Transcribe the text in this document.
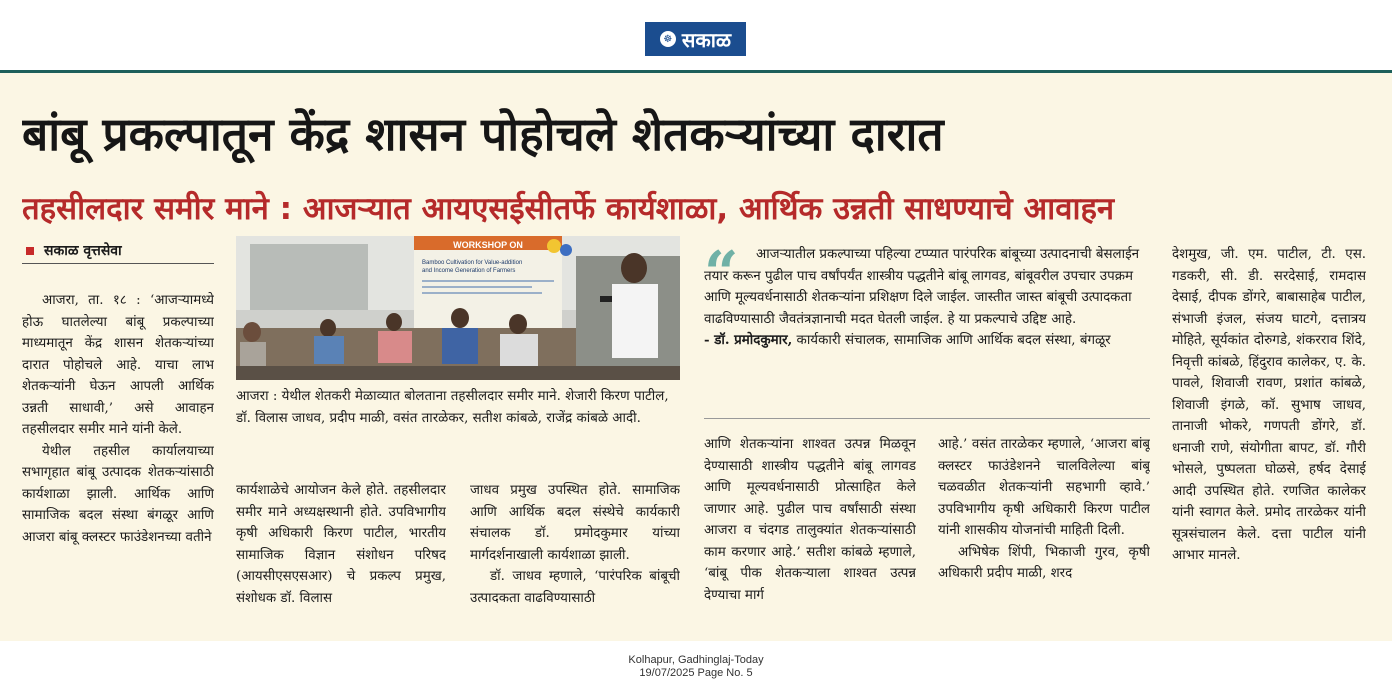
☸ सकाळ
बांबू प्रकल्पातून केंद्र शासन पोहोचले शेतकऱ्यांच्या दारात
तहसीलदार समीर माने : आजऱ्यात आयएसईसीतर्फे कार्यशाळा, आर्थिक उन्नती साधण्याचे आवाहन
सकाळ वृत्तसेवा

आजरा, ता. १८ : ‘आजऱ्यामध्ये होऊ घातलेल्या बांबू प्रकल्पाच्या माध्यमातून केंद्र शासन शेतकऱ्यांच्या दारात पोहोचले आहे. याचा लाभ शेतकऱ्यांनी घेऊन आपली आर्थिक उन्नती साधावी,’ असे आवाहन तहसीलदार समीर माने यांनी केले.

येथील तहसील कार्यालयाच्या सभागृहात बांबू उत्पादक शेतकऱ्यांसाठी कार्यशाळा झाली. आर्थिक आणि सामाजिक बदल संस्था बंगळूर आणि आजरा बांबू क्लस्टर फाउंडेशनच्या वतीने

WORKSHOP ON
Bamboo Cultivation for Value-addition
and Income Generation of Farmers
आजरा : येथील शेतकरी मेळाव्यात बोलताना तहसीलदार समीर माने. शेजारी किरण पाटील, डॉ. विलास जाधव, प्रदीप माळी, वसंत तारळेकर, सतीश कांबळे, राजेंद्र कांबळे आदी.

कार्यशाळेचे आयोजन केले होते. तहसीलदार समीर माने अध्यक्षस्थानी होते. उपविभागीय कृषी अधिकारी किरण पाटील, भारतीय सामाजिक विज्ञान संशोधन परिषद (आयसीएसएसआर) चे प्रकल्प प्रमुख, संशोधक डॉ. विलास

जाधव प्रमुख उपस्थित होते. सामाजिक आणि आर्थिक बदल संस्थेचे कार्यकारी संचालक डॉ. प्रमोदकुमार यांच्या मार्गदर्शनाखाली कार्यशाळा झाली.

डॉ. जाधव म्हणाले, ‘पारंपरिक बांबूची उत्पादकता वाढविण्यासाठी

“	आजऱ्यातील प्रकल्पाच्या पहिल्या टप्प्यात पारंपरिक बांबूच्या उत्पादनाची बेसलाईन तयार करून पुढील पाच वर्षांपर्यंत शास्त्रीय पद्धतीने बांबू लागवड, बांबूवरील उपचार उपक्रम आणि मूल्यवर्धनासाठी शेतकऱ्यांना प्रशिक्षण दिले जाईल. जास्तीत जास्त बांबूची उत्पादकता वाढविण्यासाठी जैवतंत्रज्ञानाची मदत घेतली जाईल. हे या प्रकल्पाचे उद्दिष्ट आहे.

- डॉ. प्रमोदकुमार, कार्यकारी संचालक, सामाजिक आणि आर्थिक बदल संस्था, बंगळूर

आणि शेतकऱ्यांना शाश्वत उत्पन्न मिळवून देण्यासाठी शास्त्रीय पद्धतीने बांबू लागवड आणि मूल्यवर्धनासाठी प्रोत्साहित केले जाणार आहे. पुढील पाच वर्षांसाठी संस्था आजरा व चंदगड तालुक्यांत शेतकऱ्यांसाठी काम करणार आहे.’ सतीश कांबळे म्हणाले, ‘बांबू पीक शेतकऱ्याला शाश्वत उत्पन्न देण्याचा मार्ग

आहे.’ वसंत तारळेकर म्हणाले, ‘आजरा बांबू क्लस्टर फाउंडेशनने चालविलेल्या बांबू चळवळीत शेतकऱ्यांनी सहभागी व्हावे.’ उपविभागीय कृषी अधिकारी किरण पाटील यांनी शासकीय योजनांची माहिती दिली.

अभिषेक शिंपी, भिकाजी गुरव, कृषी अधिकारी प्रदीप माळी, शरद

देशमुख, जी. एम. पाटील, टी. एस. गडकरी, सी. डी. सरदेसाई, रामदास देसाई, दीपक डोंगरे, बाबासाहेब पाटील, संभाजी इंजल, संजय घाटगे, दत्तात्रय मोहिते, सूर्यकांत दोरुगडे, शंकरराव शिंदे, निवृत्ती कांबळे, हिंदुराव कालेकर, ए. के. पावले, शिवाजी रावण, प्रशांत कांबळे, शिवाजी इंगळे, कॉ. सुभाष जाधव, तानाजी भोकरे, गणपती डोंगरे, डॉ. धनाजी राणे, संयोगीता बापट, डॉ. गौरी भोसले, पुष्पलता घोळसे, हर्षद देसाई आदी उपस्थित होते. रणजित कालेकर यांनी स्वागत केले. प्रमोद तारळेकर यांनी सूत्रसंचालन केले. दत्ता पाटील यांनी आभार मानले.

Kolhapur, Gadhinglaj-Today
19/07/2025 Page No. 5
